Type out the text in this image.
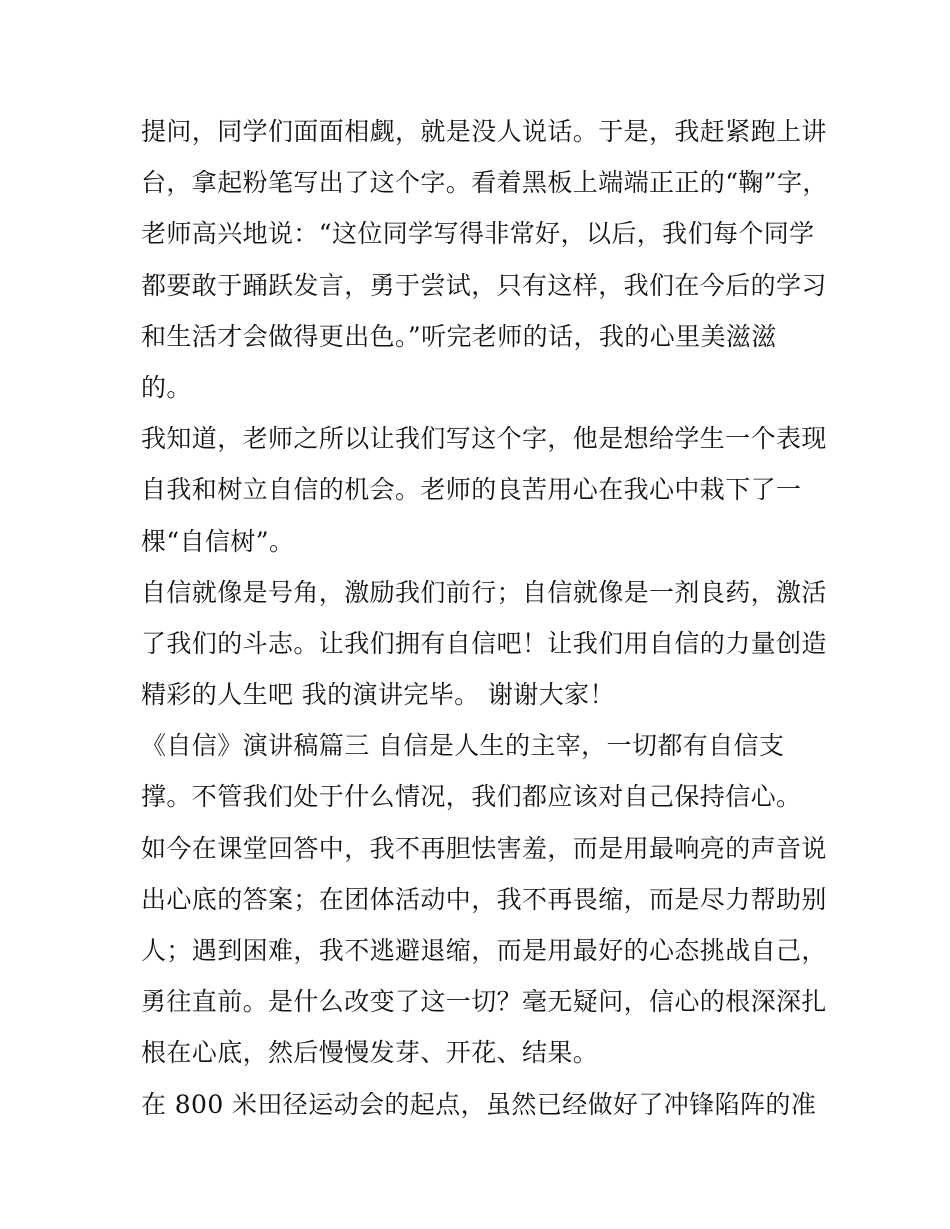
提问，同学们面面相觑，就是没人说话。于是，我赶紧跑上讲
台，拿起粉笔写出了这个字。看着黑板上端端正正的“鞠”字，
老师高兴地说：“这位同学写得非常好，以后，我们每个同学
都要敢于踊跃发言，勇于尝试，只有这样，我们在今后的学习
和生活才会做得更出色。”听完老师的话，我的心里美滋滋
的。
我知道，老师之所以让我们写这个字，他是想给学生一个表现
自我和树立自信的机会。老师的良苦用心在我心中栽下了一
棵“自信树”。
自信就像是号角，激励我们前行；自信就像是一剂良药，激活
了我们的斗志。让我们拥有自信吧！让我们用自信的力量创造
精彩的人生吧 我的演讲完毕。 谢谢大家！
《自信》演讲稿篇三 自信是人生的主宰，一切都有自信支
撑。不管我们处于什么情况，我们都应该对自己保持信心。
如今在课堂回答中，我不再胆怯害羞，而是用最响亮的声音说
出心底的答案；在团体活动中，我不再畏缩，而是尽力帮助别
人；遇到困难，我不逃避退缩，而是用最好的心态挑战自己，
勇往直前。是什么改变了这一切？毫无疑问，信心的根深深扎
根在心底，然后慢慢发芽、开花、结果。
在 800 米田径运动会的起点，虽然已经做好了冲锋陷阵的准
